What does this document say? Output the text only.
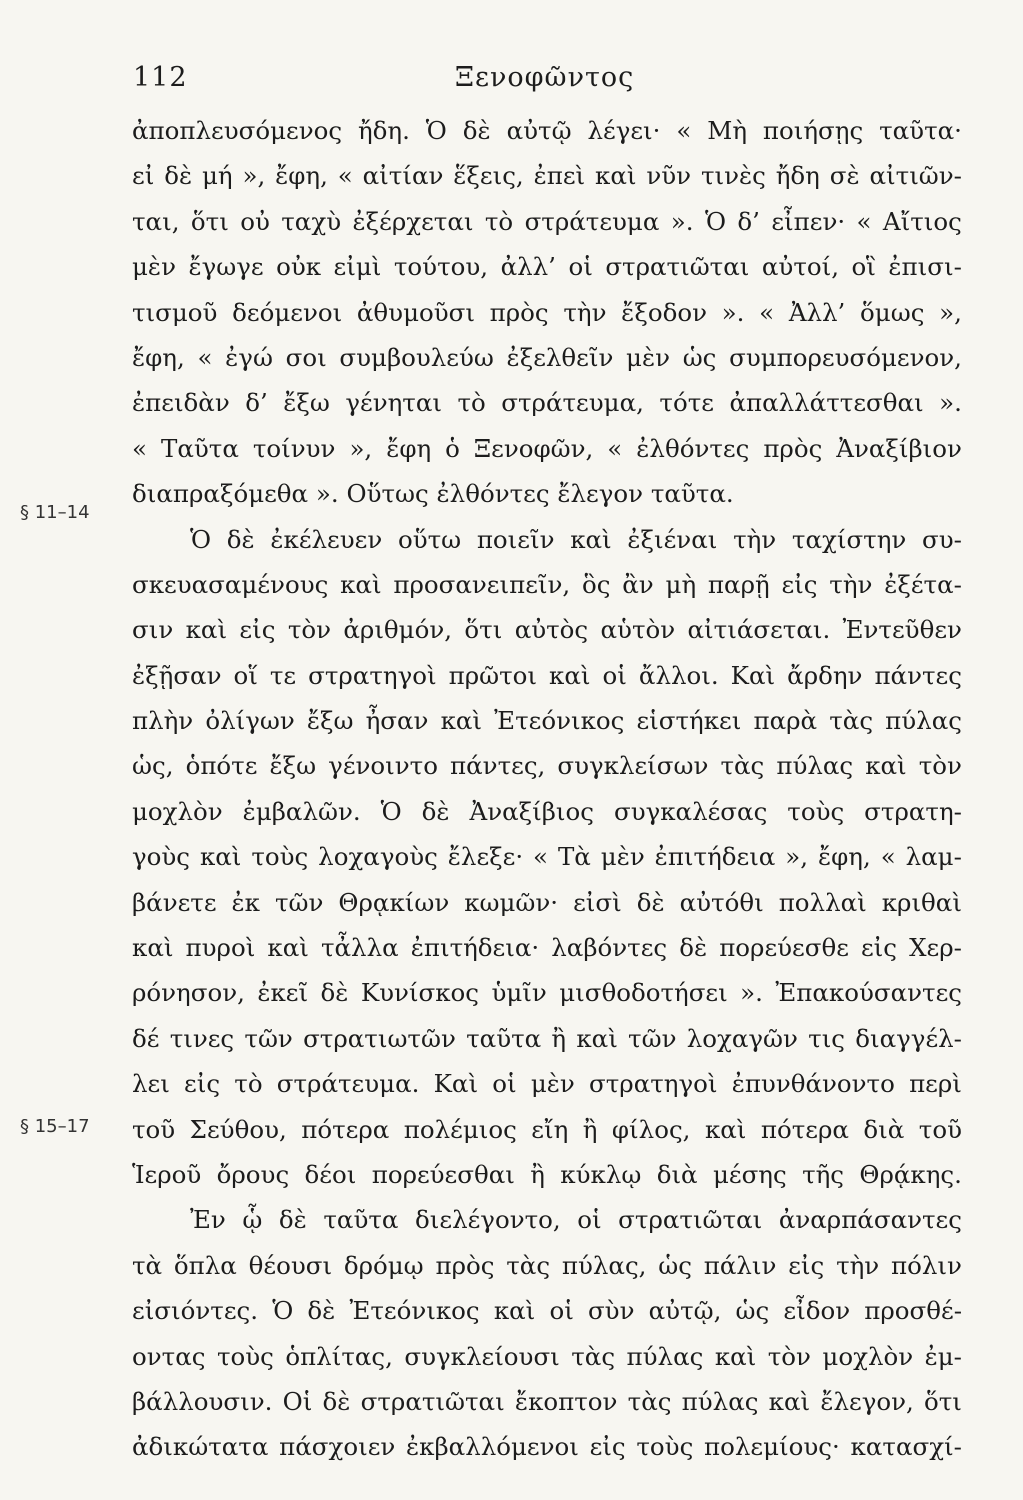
112	Ξενοφῶντος
§ 11–14
§ 15–17
ἀποπλευσόμενος ἤδη. Ὁ δὲ αὐτῷ λέγει· « Μὴ ποιήσῃς ταῦτα·
εἰ δὲ μή », ἔφη, « αἰτίαν ἕξεις, ἐπεὶ καὶ νῦν τινὲς ἤδη σὲ αἰτιῶν-
ται, ὅτι οὐ ταχὺ ἐξέρχεται τὸ στράτευμα ». Ὁ δ’ εἶπεν· « Αἴτιος
μὲν ἔγωγε οὐκ εἰμὶ τούτου, ἀλλ’ οἱ στρατιῶται αὐτοί, οἳ ἐπισι-
τισμοῦ δεόμενοι ἀθυμοῦσι πρὸς τὴν ἔξοδον ». « Ἀλλ’ ὅμως »,
ἔφη, « ἐγώ σοι συμβουλεύω ἐξελθεῖν μὲν ὡς συμπορευσόμενον,
ἐπειδὰν δ’ ἔξω γένηται τὸ στράτευμα, τότε ἀπαλλάττεσθαι ».
« Ταῦτα τοίνυν », ἔφη ὁ Ξενοφῶν, « ἐλθόντες πρὸς Ἀναξίβιον
διαπραξόμεθα
».
Οὕτως
ἐλθόντες
ἔλεγον
ταῦτα.
Ὁ δὲ ἐκέλευεν οὕτω ποιεῖν καὶ ἐξιέναι τὴν ταχίστην συ-
σκευασαμένους καὶ προσανειπεῖν, ὃς ἂν μὴ παρῇ εἰς τὴν ἐξέτα-
σιν καὶ εἰς τὸν ἀριθμόν, ὅτι αὐτὸς αὑτὸν αἰτιάσεται. Ἐντεῦθεν
ἐξῇσαν οἵ τε στρατηγοὶ πρῶτοι καὶ οἱ ἄλλοι. Καὶ ἄρδην πάντες
πλὴν ὀλίγων ἔξω ἦσαν καὶ Ἐτεόνικος εἱστήκει παρὰ τὰς πύλας
ὡς, ὁπότε ἔξω γένοιντο πάντες, συγκλείσων τὰς πύλας καὶ τὸν
μοχλὸν ἐμβαλῶν. Ὁ δὲ Ἀναξίβιος συγκαλέσας τοὺς στρατη-
γοὺς καὶ τοὺς λοχαγοὺς ἔλεξε· « Τὰ μὲν ἐπιτήδεια », ἔφη, « λαμ-
βάνετε ἐκ τῶν Θρᾳκίων κωμῶν· εἰσὶ δὲ αὐτόθι πολλαὶ κριθαὶ
καὶ πυροὶ καὶ τἆλλα ἐπιτήδεια· λαβόντες δὲ πορεύεσθε εἰς Χερ-
ρόνησον, ἐκεῖ δὲ Κυνίσκος ὑμῖν μισθοδοτήσει ». Ἐπακούσαντες
δέ τινες τῶν στρατιωτῶν ταῦτα ἢ καὶ τῶν λοχαγῶν τις διαγγέλ-
λει εἰς τὸ στράτευμα. Καὶ οἱ μὲν στρατηγοὶ ἐπυνθάνοντο περὶ
τοῦ Σεύθου, πότερα πολέμιος εἴη ἢ φίλος, καὶ πότερα διὰ τοῦ
Ἱεροῦ ὄρους δέοι πορεύεσθαι ἢ κύκλῳ διὰ μέσης τῆς Θρᾴκης.
Ἐν ᾧ δὲ ταῦτα διελέγοντο, οἱ στρατιῶται ἀναρπάσαντες
τὰ ὅπλα θέουσι δρόμῳ πρὸς τὰς πύλας, ὡς πάλιν εἰς τὴν πόλιν
εἰσιόντες. Ὁ δὲ Ἐτεόνικος καὶ οἱ σὺν αὐτῷ, ὡς εἶδον προσθέ-
οντας τοὺς ὁπλίτας, συγκλείουσι τὰς πύλας καὶ τὸν μοχλὸν ἐμ-
βάλλουσιν. Οἱ δὲ στρατιῶται ἔκοπτον τὰς πύλας καὶ ἔλεγον, ὅτι
ἀδικώτατα πάσχοιεν ἐκβαλλόμενοι εἰς τοὺς πολεμίους· κατασχί-
